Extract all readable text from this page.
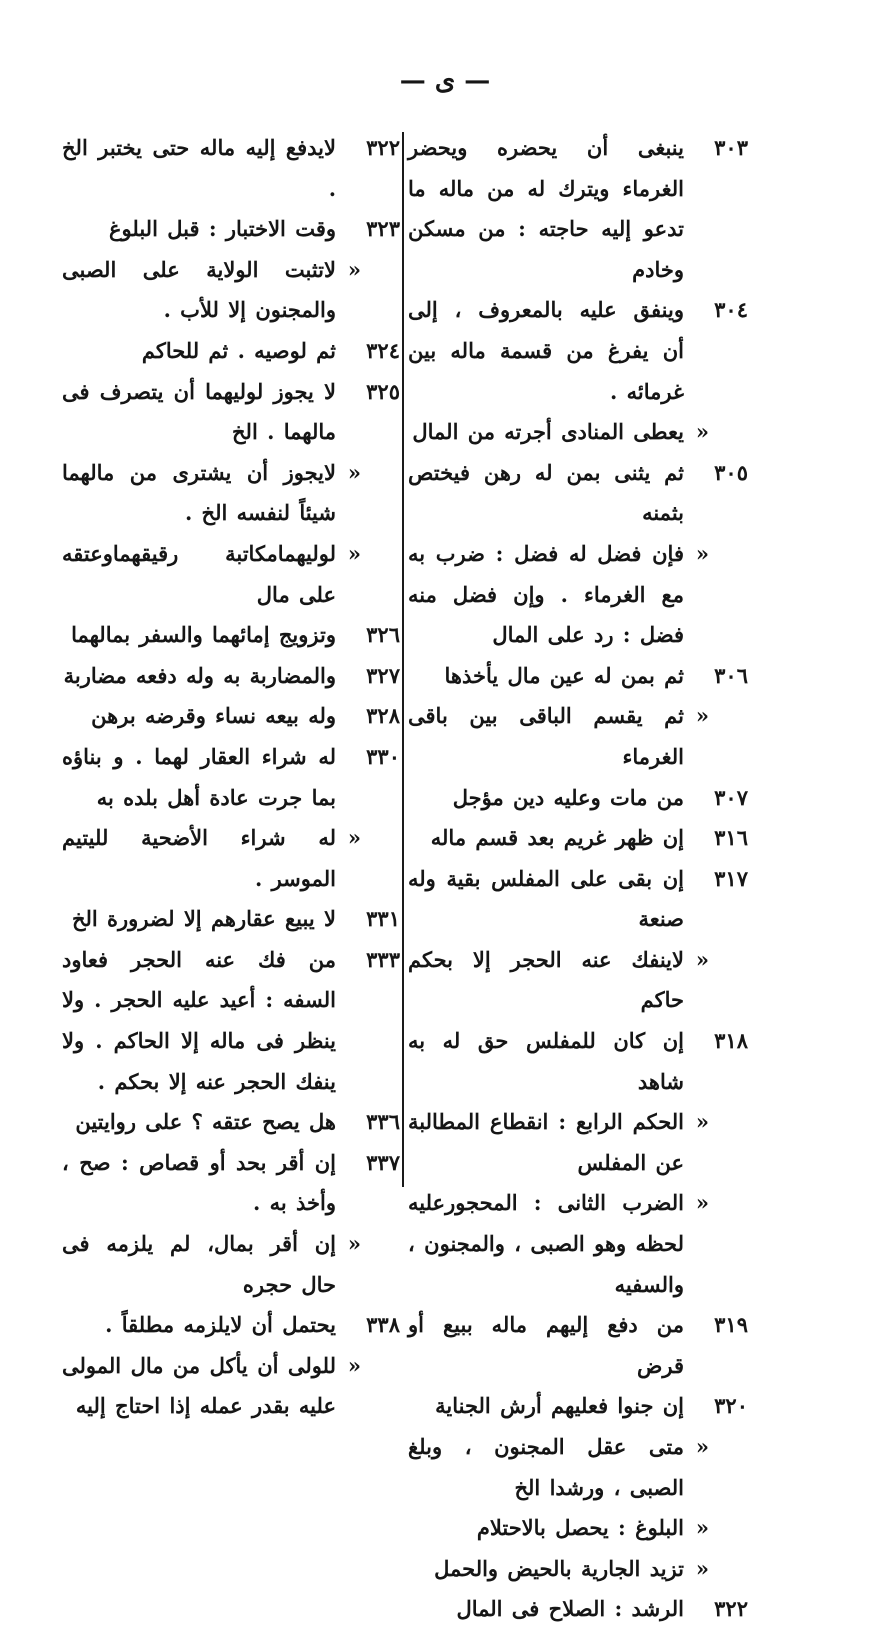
— ى —
٣٠٣
ينبغى أن يحضره ويحضر الغرماء ويترك له من ماله ما تدعو إليه حاجته : من مسكن وخادم
٣٠٤
وينفق عليه بالمعروف ، إلى أن يفرغ من قسمة ماله بين غرمائه .
«
يعطى المنادى أجرته من المال
٣٠٥
ثم يثنى بمن له رهن فيختص بثمنه
«
فإن فضل له فضل : ضرب به مع الغرماء . وإن فضل منه فضل : رد على المال
٣٠٦
ثم بمن له عين مال يأخذها
«
ثم يقسم الباقى بين باقى الغرماء
٣٠٧
من مات وعليه دين مؤجل
٣١٦
إن ظهر غريم بعد قسم ماله
٣١٧
إن بقى على المفلس بقية وله صنعة
«
لاينفك عنه الحجر إلا بحكم حاكم
٣١٨
إن كان للمفلس حق له به شاهد
«
الحكم الرابع : انقطاع المطالبة عن المفلس
«
الضرب الثانى : المحجورعليه لحظه وهو الصبى ، والمجنون ، والسفيه
٣١٩
من دفع إليهم ماله ببيع أو قرض
٣٢٠
إن جنوا فعليهم أرش الجناية
«
متى عقل المجنون ، وبلغ الصبى ، ورشدا الخ
«
البلوغ : يحصل بالاحتلام
«
تزيد الجارية بالحيض والحمل
٣٢٢
الرشد : الصلاح فى المال
٣٢٢
لايدفع إليه ماله حتى يختبر الخ .
٣٢٣
وقت الاختبار : قبل البلوغ
«
لاتثبت الولاية على الصبى والمجنون إلا للأب .
٣٢٤
ثم لوصيه . ثم للحاكم
٣٢٥
لا يجوز لوليهما أن يتصرف فى مالهما . الخ
«
لايجوز أن يشترى من مالهما شيئاً لنفسه الخ .
«
لوليهمامكاتبة رقيقهماوعتقه على مال
٣٢٦
وتزويج إمائهما والسفر بمالهما
٣٢٧
والمضاربة به وله دفعه مضاربة
٣٢٨
وله بيعه نساء وقرضه برهن
٣٣٠
له شراء العقار لهما . و بناؤه بما جرت عادة أهل بلده به
«
له شراء الأضحية لليتيم الموسر .
٣٣١
لا يبيع عقارهم إلا لضرورة الخ
٣٣٣
من فك عنه الحجر فعاود السفه : أعيد عليه الحجر . ولا ينظر فى ماله إلا الحاكم . ولا ينفك الحجر عنه إلا بحكم .
٣٣٦
هل يصح عتقه ؟ على روايتين
٣٣٧
إن أقر بحد أو قصاص : صح ، وأخذ به .
«
إن أقر بمال، لم يلزمه فى حال حجره
٣٣٨
يحتمل أن لايلزمه مطلقاً .
«
للولى أن يأكل من مال المولى عليه بقدر عمله إذا احتاج إليه
